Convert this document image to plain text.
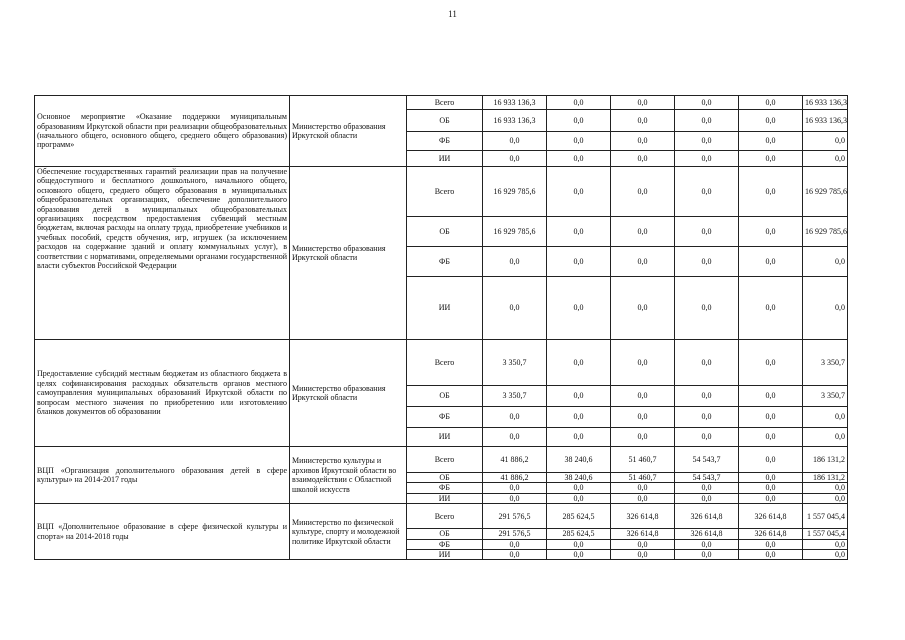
11
Основное мероприятие «Оказание поддержки муниципальным образованиям Иркутской области при реализации общеобразовательных (начального общего, основного общего, среднего общего образования) программ»	Министерство образования Иркутской области	Всего	16 933 136,3	0,0	0,0	0,0	0,0	16 933 136,3
		ОБ	16 933 136,3	0,0	0,0	0,0	0,0	16 933 136,3
		ФБ	0,0	0,0	0,0	0,0	0,0	0,0
		ИИ	0,0	0,0	0,0	0,0	0,0	0,0
Обеспечение государственных гарантий реализации прав на получение общедоступного и бесплатного дошкольного, начального общего, основного общего, среднего общего образования в муниципальных общеобразовательных организациях, обеспечение дополнительного образования детей в муниципальных общеобразовательных организациях посредством предоставления субвенций местным бюджетам, включая расходы на оплату труда, приобретение учебников и учебных пособий, средств обучения, игр, игрушек (за исключением расходов на содержание зданий и оплату коммунальных услуг), в соответствии с нормативами, определяемыми органами государственной власти субъектов Российской Федерации	Министерство образования Иркутской области	Всего	16 929 785,6	0,0	0,0	0,0	0,0	16 929 785,6
		ОБ	16 929 785,6	0,0	0,0	0,0	0,0	16 929 785,6
		ФБ	0,0	0,0	0,0	0,0	0,0	0,0
		ИИ	0,0	0,0	0,0	0,0	0,0	0,0
Предоставление субсидий местным бюджетам из областного бюджета в целях софинансирования расходных обязательств органов местного самоуправления муниципальных образований Иркутской области по вопросам местного значения по приобретению или изготовлению бланков документов об образовании	Министерство образования Иркутской области	Всего	3 350,7	0,0	0,0	0,0	0,0	3 350,7
		ОБ	3 350,7	0,0	0,0	0,0	0,0	3 350,7
		ФБ	0,0	0,0	0,0	0,0	0,0	0,0
		ИИ	0,0	0,0	0,0	0,0	0,0	0,0
ВЦП «Организация дополнительного образования детей в сфере культуры» на 2014-2017 годы	Министерство культуры и архивов Иркутской области во взаимодействии с Областной школой искусств	Всего	41 886,2	38 240,6	51 460,7	54 543,7	0,0	186 131,2
		ОБ	41 886,2	38 240,6	51 460,7	54 543,7	0,0	186 131,2
		ФБ	0,0	0,0	0,0	0,0	0,0	0,0
		ИИ	0,0	0,0	0,0	0,0	0,0	0,0
ВЦП «Дополнительное образование в сфере физической культуры и спорта» на 2014-2018 годы	Министерство по физической культуре, спорту и молодежной политике Иркутской области	Всего	291 576,5	285 624,5	326 614,8	326 614,8	326 614,8	1 557 045,4
		ОБ	291 576,5	285 624,5	326 614,8	326 614,8	326 614,8	1 557 045,4
		ФБ	0,0	0,0	0,0	0,0	0,0	0,0
		ИИ	0,0	0,0	0,0	0,0	0,0	0,0
